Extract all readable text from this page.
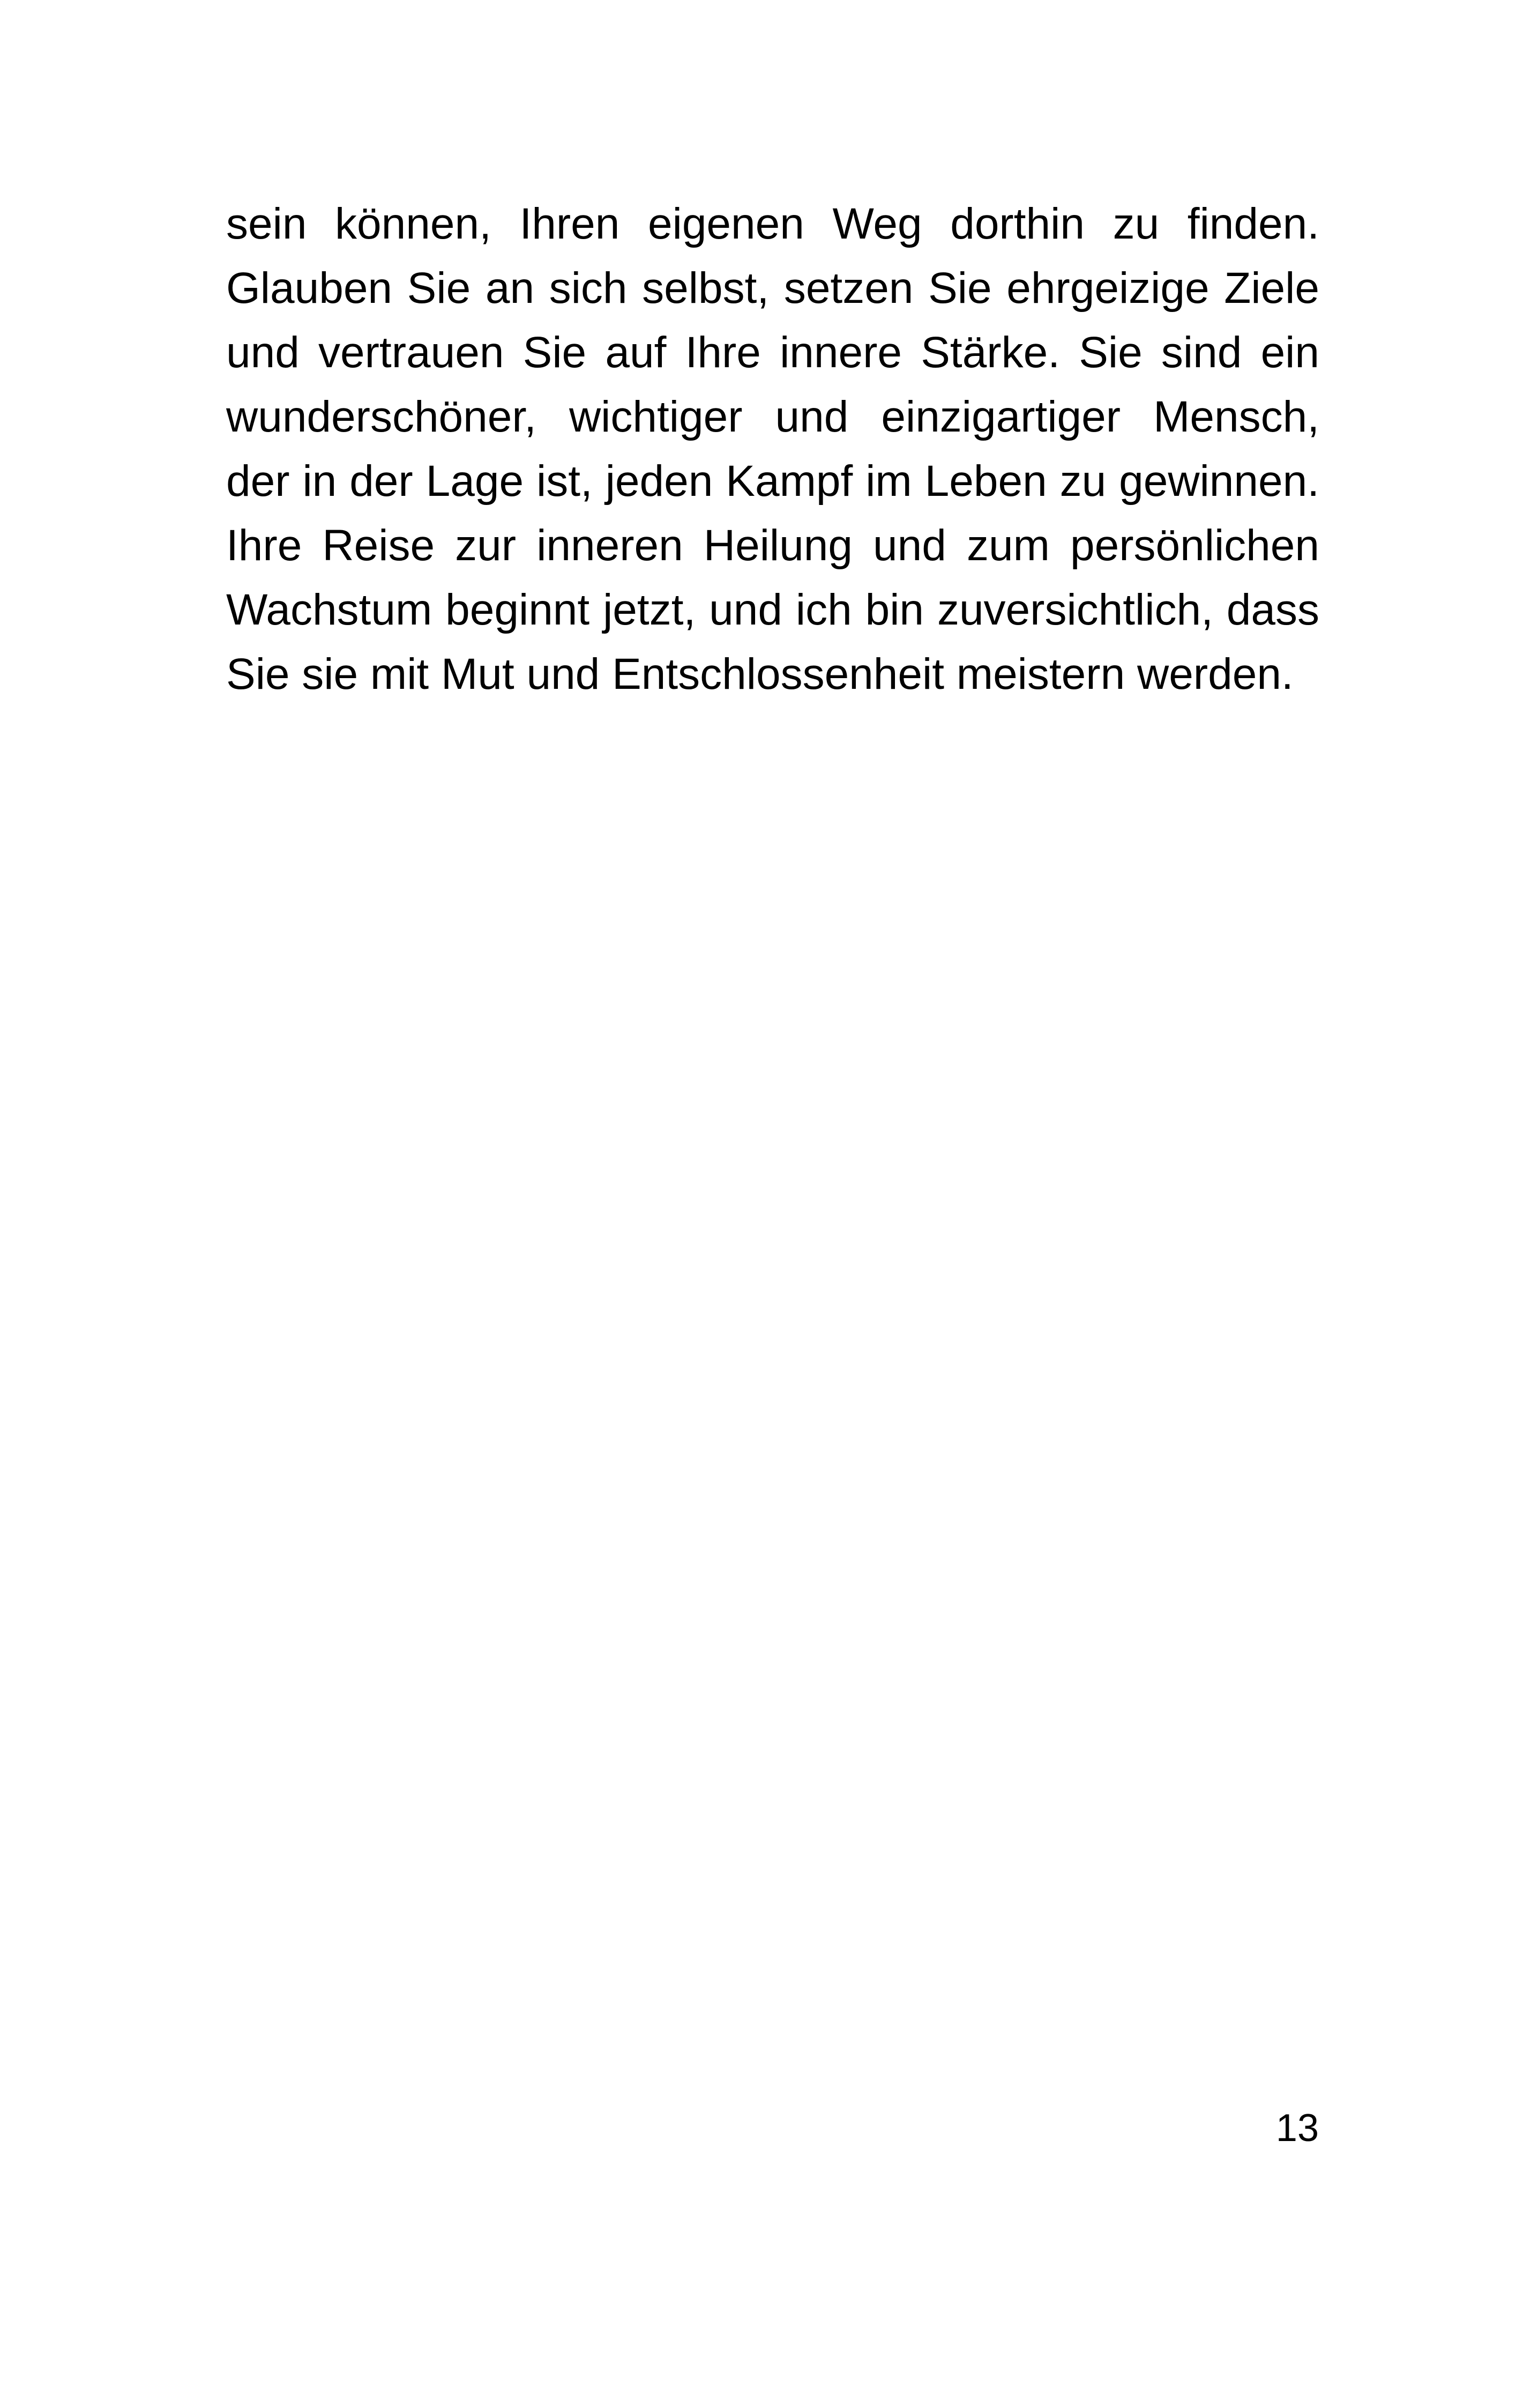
sein können, Ihren eigenen Weg dorthin zu finden.
Glauben Sie an sich selbst, setzen Sie ehrgeizige Ziele
und vertrauen Sie auf Ihre innere Stärke. Sie sind ein
wunderschöner, wichtiger und einzigartiger Mensch,
der in der Lage ist, jeden Kampf im Leben zu gewinnen.
Ihre Reise zur inneren Heilung und zum persönlichen
Wachstum beginnt jetzt, und ich bin zuversichtlich, dass
Sie sie mit Mut und Entschlossenheit meistern werden.
13
